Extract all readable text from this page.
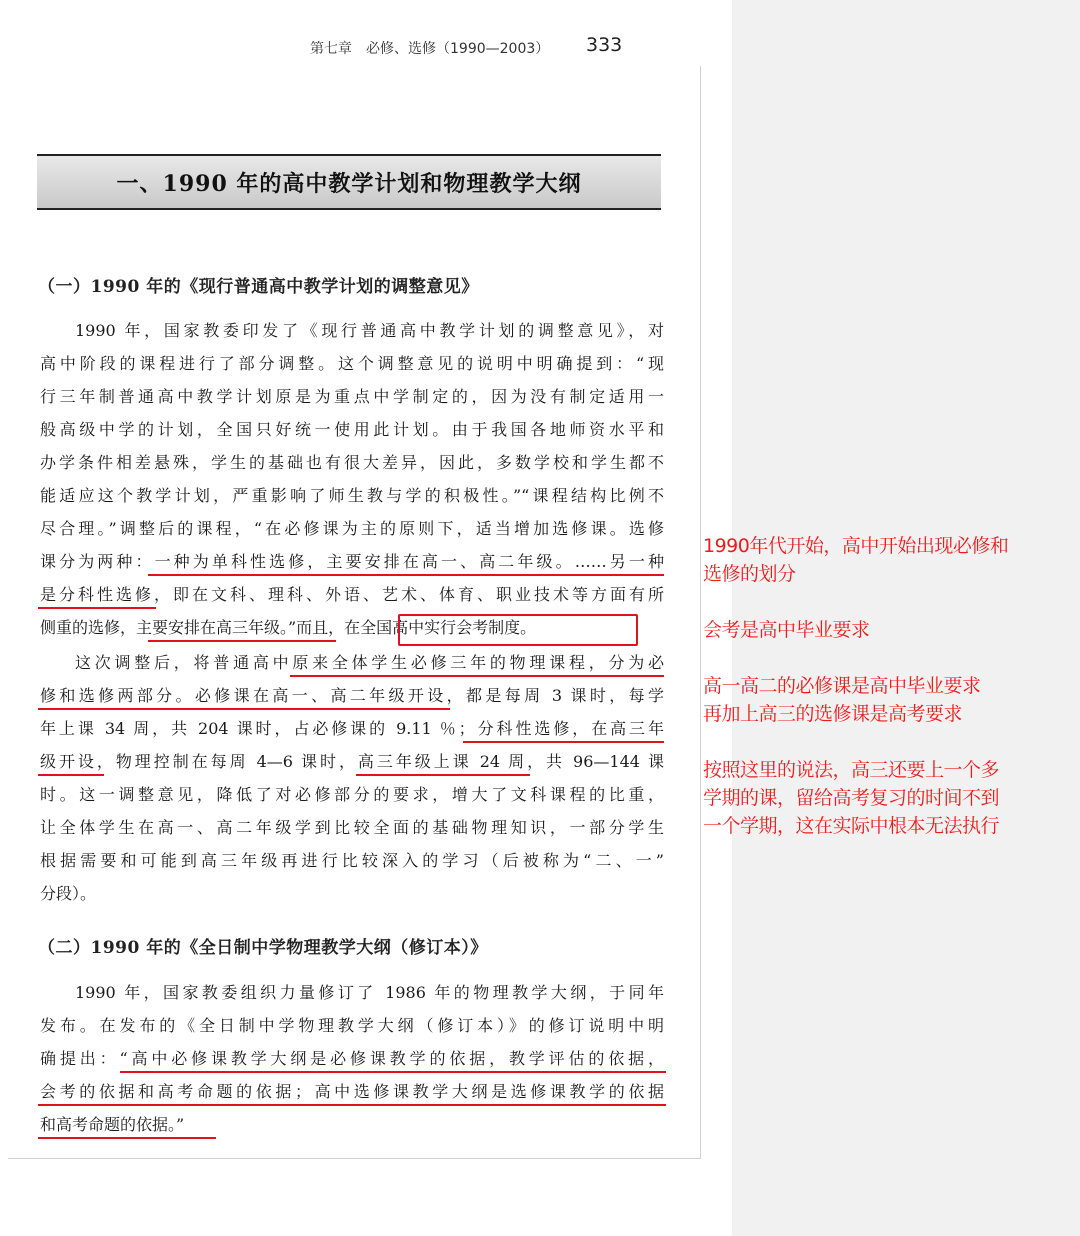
第七章　必修、选修（1990—2003） 333
一、1990 年的高中教学计划和物理教学大纲
（一）1990 年的《现行普通高中教学计划的调整意见》
1990 年，国家教委印发了《现行普通高中教学计划的调整意见》，对
高中阶段的课程进行了部分调整。这个调整意见的说明中明确提到：“现
行三年制普通高中教学计划原是为重点中学制定的，因为没有制定适用一
般高级中学的计划，全国只好统一使用此计划。由于我国各地师资水平和
办学条件相差悬殊，学生的基础也有很大差异，因此，多数学校和学生都不
能适应这个教学计划，严重影响了师生教与学的积极性。”“课程结构比例不
尽合理。”调整后的课程，“在必修课为主的原则下，适当增加选修课。选修
课分为两种：一种为单科性选修，主要安排在高一、高二年级。……另一种
是分科性选修，即在文科、理科、外语、艺术、体育、职业技术等方面有所
侧重的选修，主要安排在高三年级。”而且，在全国高中实行会考制度。
这次调整后，将普通高中原来全体学生必修三年的物理课程，分为必
修和选修两部分。必修课在高一、高二年级开设，都是每周 3 课时，每学
年上课 34 周，共 204 课时，占必修课的 9.11 ％；分科性选修，在高三年
级开设，物理控制在每周 4—6 课时，高三年级上课 24 周，共 96—144 课
时。这一调整意见，降低了对必修部分的要求，增大了文科课程的比重，
让全体学生在高一、高二年级学到比较全面的基础物理知识，一部分学生
根据需要和可能到高三年级再进行比较深入的学习（后被称为“二、一”
分段）。
（二）1990 年的《全日制中学物理教学大纲（修订本）》
1990 年，国家教委组织力量修订了 1986 年的物理教学大纲，于同年
发布。在发布的《全日制中学物理教学大纲（修订本）》的修订说明中明
确提出：“高中必修课教学大纲是必修课教学的依据，教学评估的依据，
会考的依据和高考命题的依据；高中选修课教学大纲是选修课教学的依据
和高考命题的依据。”
1990年代开始，高中开始出现必修和
选修的划分
会考是高中毕业要求
高一高二的必修课是高中毕业要求
再加上高三的选修课是高考要求
按照这里的说法，高三还要上一个多
学期的课，留给高考复习的时间不到
一个学期，这在实际中根本无法执行
